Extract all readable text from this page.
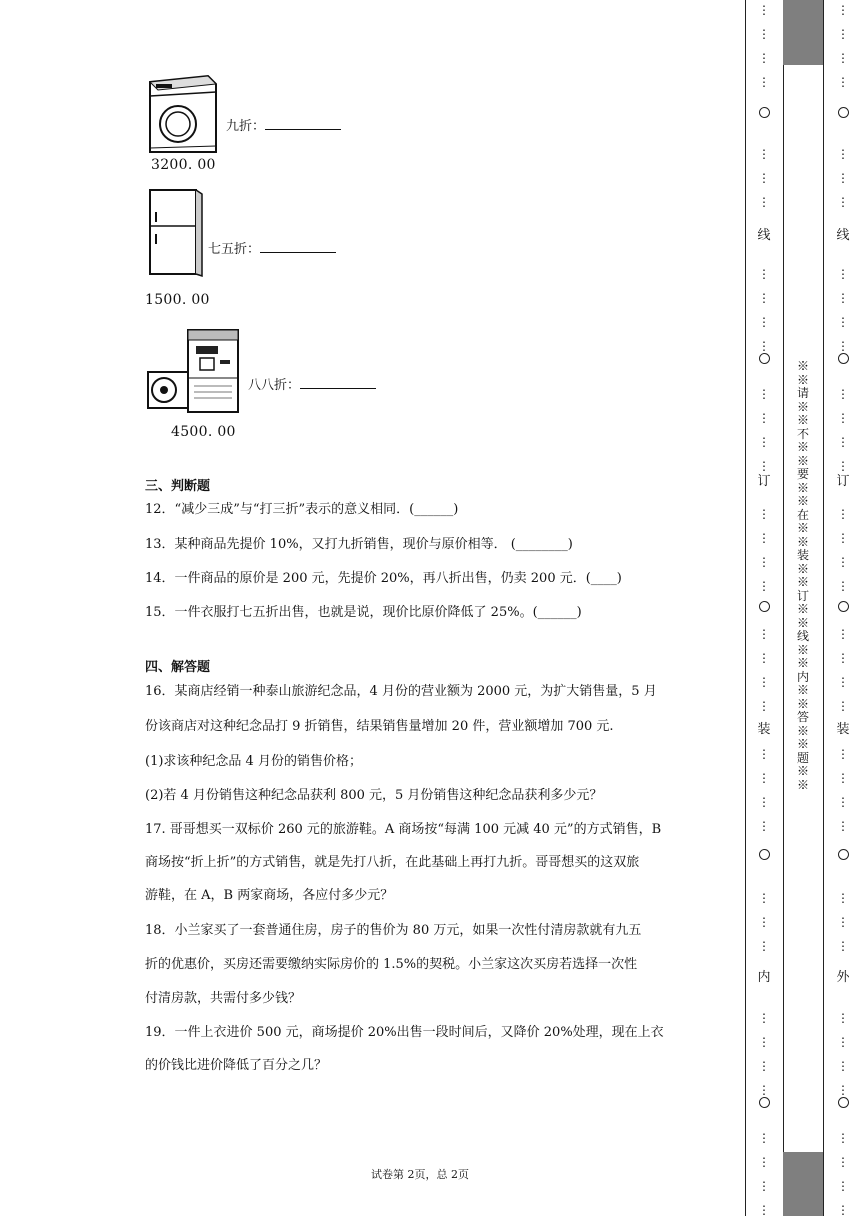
3200. 00
九折：
1500. 00
七五折：
4500. 00
八八折：
三、判断题
12．“减少三成”与“打三折”表示的意义相同．(______)
13．某种商品先提价 10%，又打九折销售，现价与原价相等． (________)
14．一件商品的原价是 200 元，先提价 20%，再八折出售，仍卖 200 元．(____)
15．一件衣服打七五折出售，也就是说，现价比原价降低了 25%。(______)
四、解答题
16．某商店经销一种泰山旅游纪念品，4 月份的营业额为 2000 元，为扩大销售量，5 月
份该商店对这种纪念品打 9 折销售，结果销售量增加 20 件，营业额增加 700 元.
(1)求该种纪念品 4 月份的销售价格；
(2)若 4 月份销售这种纪念品获利 800 元，5 月份销售这种纪念品获利多少元？
17. 哥哥想买一双标价 260 元的旅游鞋。A 商场按“每满 100 元减 40 元”的方式销售，B
商场按“折上折”的方式销售，就是先打八折，在此基础上再打九折。哥哥想买的这双旅
游鞋，在 A，B 两家商场，各应付多少元？
18．小兰家买了一套普通住房，房子的售价为 80 万元，如果一次性付清房款就有九五
折的优惠价，买房还需要缴纳实际房价的 1.5%的契税。小兰家这次买房若选择一次性
付清房款，共需付多少钱？
19．一件上衣进价 500 元，商场提价 20%出售一段时间后，又降价 20%处理，现在上衣
的价钱比进价降低了百分之几？
试卷第 2页，总 2页
※※请※※不※※要※※在※※装※※订※※线※※内※※答※※题※※
⋮
⋮
⋮
⋮
⋮
⋮
⋮
⋮
⋮
⋮
⋮
⋮
⋮
⋮
⋮
⋮
⋮
⋮
⋮
⋮
⋮
⋮
⋮
⋮
⋮
⋮
⋮
⋮
⋮
⋮
⋮
⋮
⋮
⋮
⋮
⋮
⋮
⋮
线
订
装
内
⋮
⋮
⋮
⋮
⋮
⋮
⋮
⋮
⋮
⋮
⋮
⋮
⋮
⋮
⋮
⋮
⋮
⋮
⋮
⋮
⋮
⋮
⋮
⋮
⋮
⋮
⋮
⋮
⋮
⋮
⋮
⋮
⋮
⋮
⋮
⋮
⋮
⋮
线
订
装
外
